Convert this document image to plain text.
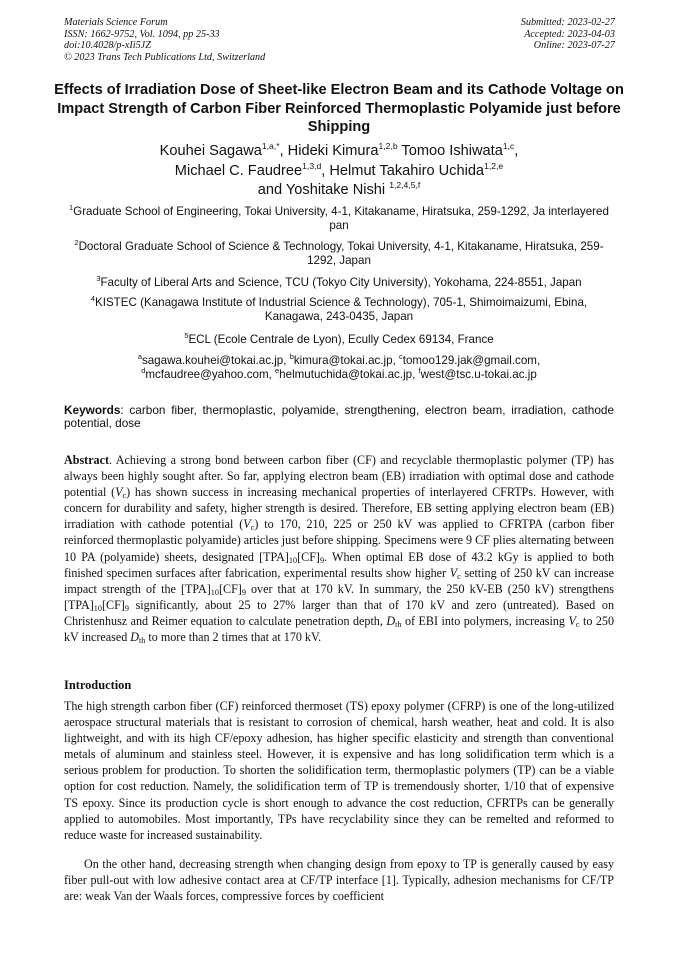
Materials Science Forum
ISSN: 1662-9752, Vol. 1094, pp 25-33
doi:10.4028/p-xIi5JZ
© 2023 Trans Tech Publications Ltd, Switzerland
Submitted: 2023-02-27
Accepted: 2023-04-03
Online: 2023-07-27
Effects of Irradiation Dose of Sheet-like Electron Beam and its Cathode Voltage on Impact Strength of Carbon Fiber Reinforced Thermoplastic Polyamide just before Shipping
Kouhei Sagawa$^{1,a,*}$, Hideki Kimura$^{1,2,b}$ Tomoo Ishiwata$^{1,c}$,
Michael C. Faudree$^{1,3,d}$, Helmut Takahiro Uchida$^{1,2,e}$
and Yoshitake Nishi $^{1,2,4,5,f}$
$^1$Graduate School of Engineering, Tokai University, 4-1, Kitakaname, Hiratsuka, 259-1292, Ja interlayered pan
$^2$Doctoral Graduate School of Science & Technology, Tokai University, 4-1, Kitakaname, Hiratsuka, 259-1292, Japan
$^3$Faculty of Liberal Arts and Science, TCU (Tokyo City University), Yokohama, 224-8551, Japan
$^4$KISTEC (Kanagawa Institute of Industrial Science & Technology), 705-1, Shimoimaizumi, Ebina, Kanagawa, 243-0435, Japan
$^5$ECL (Ecole Centrale de Lyon), Ecully Cedex 69134, France
$^a$sagawa.kouhei@tokai.ac.jp, $^b$kimura@tokai.ac.jp, $^c$tomoo129.jak@gmail.com,
$^d$mcfaudree@yahoo.com, $^e$helmutuchida@tokai.ac.jp, $^f$west@tsc.u-tokai.ac.jp
Keywords: carbon fiber, thermoplastic, polyamide, strengthening, electron beam, irradiation, cathode potential, dose
Abstract. Achieving a strong bond between carbon fiber (CF) and recyclable thermoplastic polymer (TP) has always been highly sought after. So far, applying electron beam (EB) irradiation with optimal dose and cathode potential $(V_c)$ has shown success in increasing mechanical properties of interlayered CFRTPs. However, with concern for durability and safety, higher strength is desired. Therefore, EB setting applying electron beam (EB) irradiation with cathode potential $(V_c)$ to 170, 210, 225 or 250 kV was applied to CFRTPA (carbon fiber reinforced thermoplastic polyamide) articles just before shipping. Specimens were 9 CF plies alternating between 10 PA (polyamide) sheets, designated $[TPA]_{10}[CF]_9$. When optimal EB dose of 43.2 kGy is applied to both finished specimen surfaces after fabrication, experimental results show higher $V_c$ setting of 250 kV can increase impact strength of the $[TPA]_{10}[CF]_9$ over that at 170 kV. In summary, the 250 kV-EB (250 kV) strengthens $[TPA]_{10}[CF]_9$ significantly, about 25 to 27% larger than that of 170 kV and zero (untreated). Based on Christenhusz and Reimer equation to calculate penetration depth, $D_{th}$ of EBI into polymers, increasing $V_c$ to 250 kV increased $D_{th}$ to more than 2 times that at 170 kV.
Introduction
The high strength carbon fiber (CF) reinforced thermoset (TS) epoxy polymer (CFRP) is one of the long-utilized aerospace structural materials that is resistant to corrosion of chemical, harsh weather, heat and cold. It is also lightweight, and with its high CF/epoxy adhesion, has higher specific elasticity and strength than conventional metals of aluminum and stainless steel. However, it is expensive and has long solidification term which is a serious problem for production. To shorten the solidification term, thermoplastic polymers (TP) can be a viable option for cost reduction. Namely, the solidification term of TP is tremendously shorter, 1/10 that of expensive TS epoxy. Since its production cycle is short enough to advance the cost reduction, CFRTPs can be generally applied to automobiles. Most importantly, TPs have recyclability since they can be remelted and reformed to reduce waste for increased sustainability.
On the other hand, decreasing strength when changing design from epoxy to TP is generally caused by easy fiber pull-out with low adhesive contact area at CF/TP interface [1]. Typically, adhesion mechanisms for CF/TP are: weak Van der Waals forces, compressive forces by coefficient
